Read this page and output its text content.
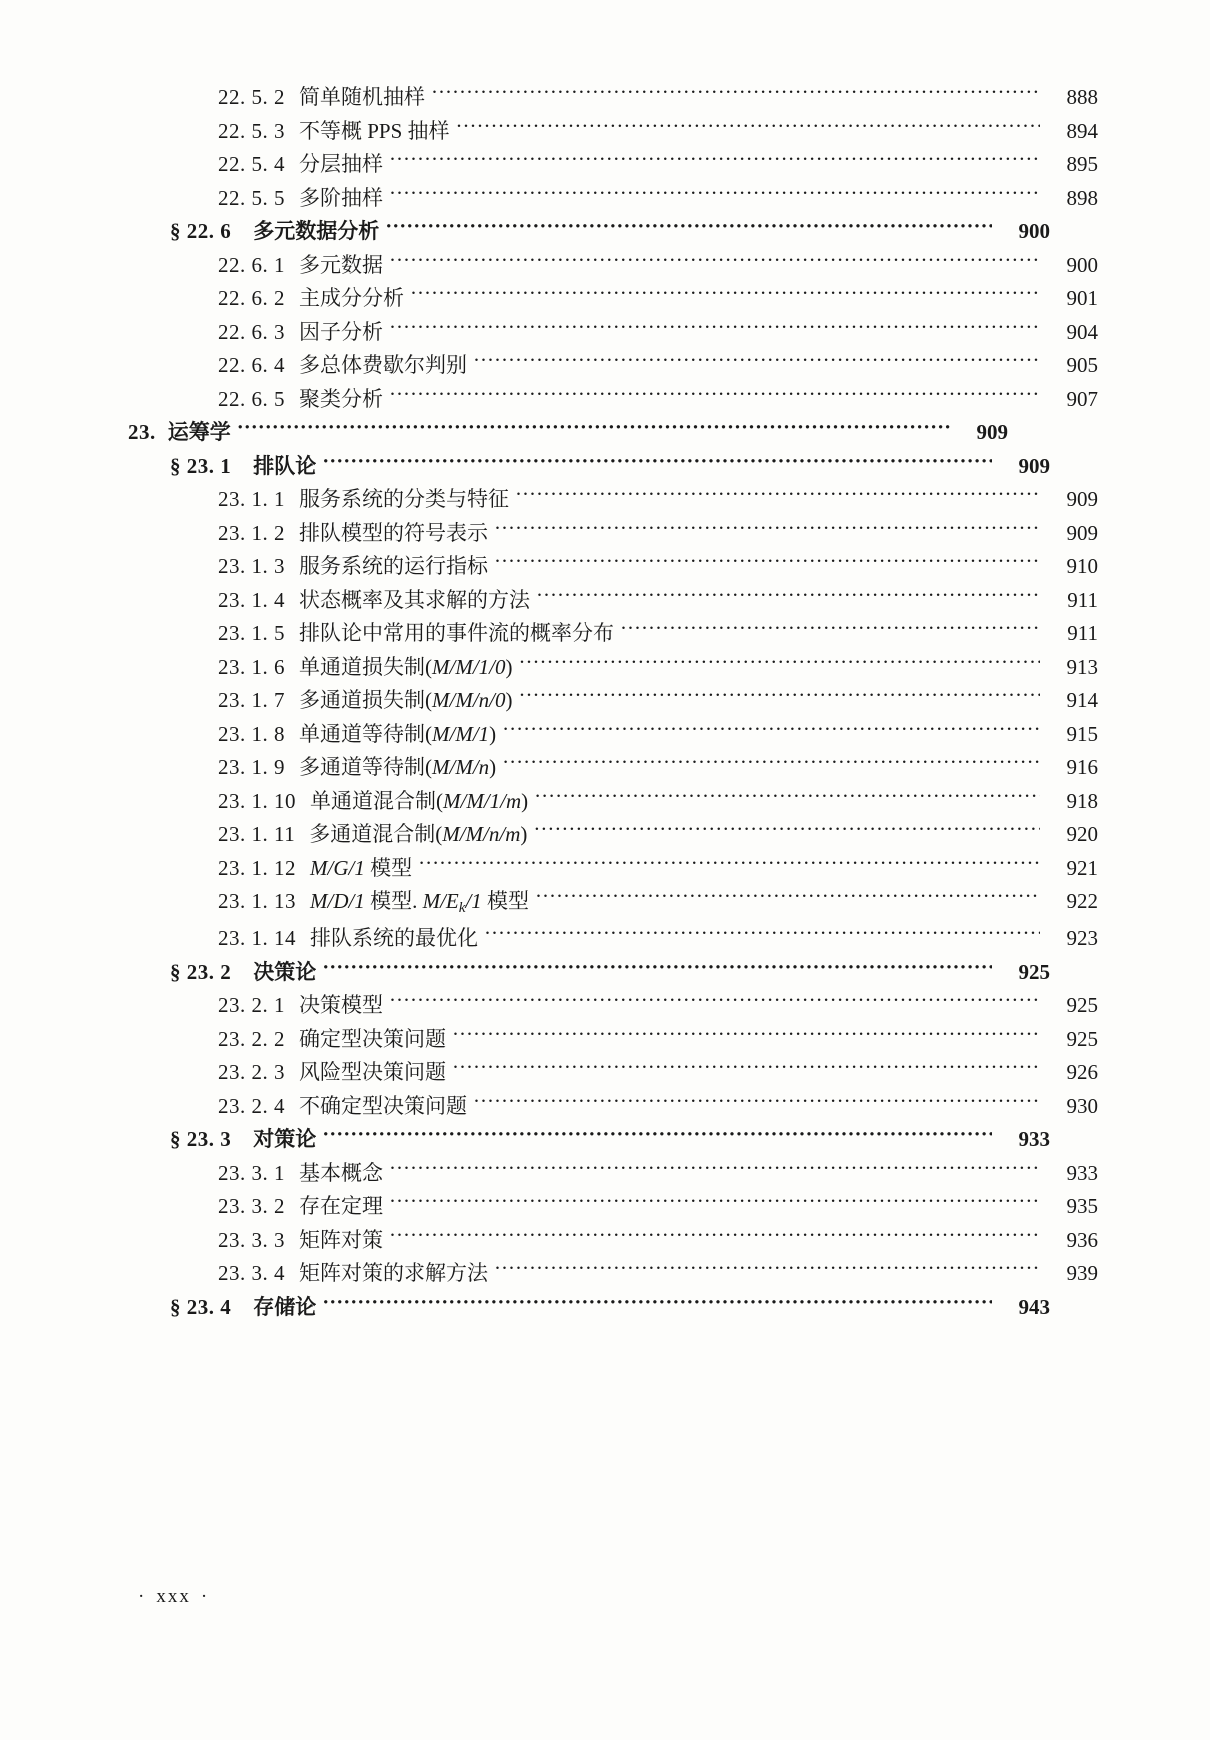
22. 5. 2 简单随机抽样 ·····	888
22. 5. 3 不等概 PPS 抽样 ·····	894
22. 5. 4 分层抽样 ·····	895
22. 5. 5 多阶抽样 ·····	898
§ 22. 6 多元数据分析 ·····	900
22. 6. 1 多元数据 ·····	900
22. 6. 2 主成分分析 ·····	901
22. 6. 3 因子分析 ·····	904
22. 6. 4 多总体费歇尔判别 ·····	905
22. 6. 5 聚类分析 ·····	907
23. 运筹学 ·····	909
§ 23. 1 排队论 ·····	909
23. 1. 1 服务系统的分类与特征 ·····	909
23. 1. 2 排队模型的符号表示 ·····	909
23. 1. 3 服务系统的运行指标 ·····	910
23. 1. 4 状态概率及其求解的方法 ·····	911
23. 1. 5 排队论中常用的事件流的概率分布 ·····	911
23. 1. 6 单通道损失制(M/M/1/0) ·····	913
23. 1. 7 多通道损失制(M/M/n/0) ·····	914
23. 1. 8 单通道等待制(M/M/1) ·····	915
23. 1. 9 多通道等待制(M/M/n) ·····	916
23. 1. 10 单通道混合制(M/M/1/m) ·····	918
23. 1. 11 多通道混合制(M/M/n/m) ·····	920
23. 1. 12 M/G/1 模型 ·····	921
23. 1. 13 M/D/1 模型. $M/E_k/1$ 模型 ·····	922
23. 1. 14 排队系统的最优化 ·····	923
§ 23. 2 决策论 ·····	925
23. 2. 1 决策模型 ·····	925
23. 2. 2 确定型决策问题 ·····	925
23. 2. 3 风险型决策问题 ·····	926
23. 2. 4 不确定型决策问题 ·····	930
§ 23. 3 对策论 ·····	933
23. 3. 1 基本概念 ·····	933
23. 3. 2 存在定理 ·····	935
23. 3. 3 矩阵对策 ·····	936
23. 3. 4 矩阵对策的求解方法 ·····	939
§ 23. 4 存储论 ·····	943
· xxx ·
